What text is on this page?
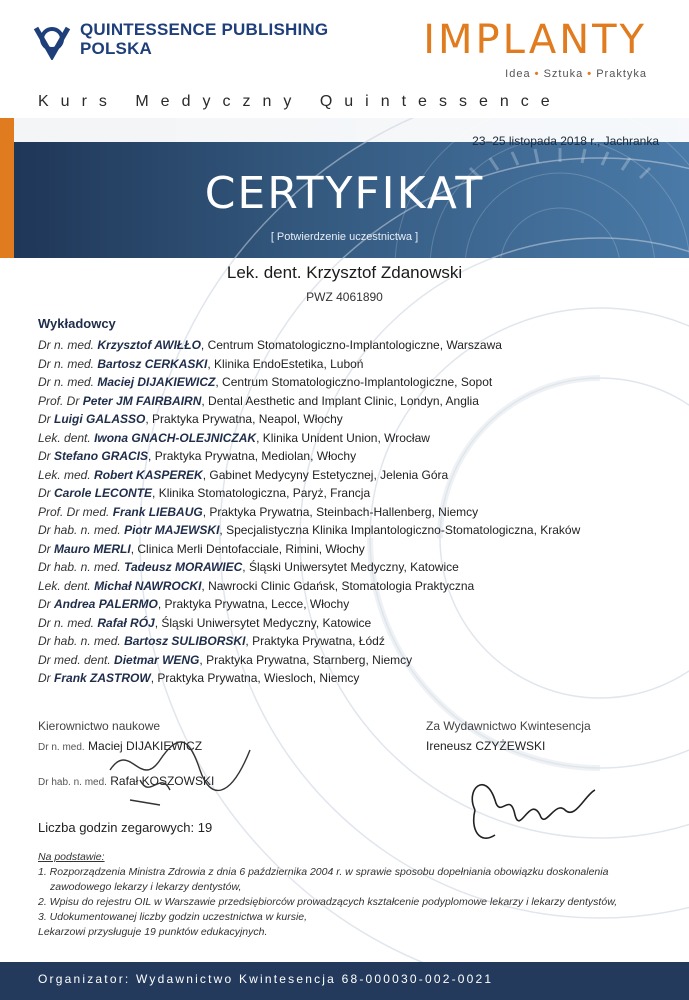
QUINTESSENCE PUBLISHING
POLSKA	IMPLANTY
Idea • Sztuka • Praktyka
Kurs Medyczny Quintessence
23–25 listopada 2018 r., Jachranka
CERTYFIKAT
[ Potwierdzenie uczestnictwa ]
Lek. dent. Krzysztof Zdanowski
PWZ 4061890
Wykładowcy
Dr n. med. Krzysztof AWIŁŁO, Centrum Stomatologiczno-Implantologiczne, Warszawa
Dr n. med. Bartosz CERKASKI, Klinika EndoEstetika, Luboń
Dr n. med. Maciej DIJAKIEWICZ, Centrum Stomatologiczno-Implantologiczne, Sopot
Prof. Dr Peter JM FAIRBAIRN, Dental Aesthetic and Implant Clinic, Londyn, Anglia
Dr Luigi GALASSO, Praktyka Prywatna, Neapol, Włochy
Lek. dent. Iwona GNACH-OLEJNICZAK, Klinika Unident Union, Wrocław
Dr Stefano GRACIS, Praktyka Prywatna, Mediolan, Włochy
Lek. med. Robert KASPEREK, Gabinet Medycyny Estetycznej, Jelenia Góra
Dr Carole LECONTE, Klinika Stomatologiczna, Paryż, Francja
Prof. Dr med. Frank LIEBAUG, Praktyka Prywatna, Steinbach-Hallenberg, Niemcy
Dr hab. n. med. Piotr MAJEWSKI, Specjalistyczna Klinika Implantologiczno-Stomatologiczna, Kraków
Dr Mauro MERLI, Clinica Merli Dentofacciale, Rimini, Włochy
Dr hab. n. med. Tadeusz MORAWIEC, Śląski Uniwersytet Medyczny, Katowice
Lek. dent. Michał NAWROCKI, Nawrocki Clinic Gdańsk, Stomatologia Praktyczna
Dr Andrea PALERMO, Praktyka Prywatna, Lecce, Włochy
Dr n. med. Rafał RÓJ, Śląski Uniwersytet Medyczny, Katowice
Dr hab. n. med. Bartosz SULIBORSKI, Praktyka Prywatna, Łódź
Dr med. dent. Dietmar WENG, Praktyka Prywatna, Starnberg, Niemcy
Dr Frank ZASTROW, Praktyka Prywatna, Wiesloch, Niemcy
Kierownictwo naukowe
Dr n. med. Maciej DIJAKIEWICZ
Dr hab. n. med. Rafał KOSZOWSKI
Za Wydawnictwo Kwintesencja
Ireneusz CZYŻEWSKI
Liczba godzin zegarowych: 19
Na podstawie:
1. Rozporządzenia Ministra Zdrowia z dnia 6 października 2004 r. w sprawie sposobu dopełniania obowiązku doskonalenia
zawodowego lekarzy i lekarzy dentystów,
2. Wpisu do rejestru OIL w Warszawie przedsiębiorców prowadzących kształcenie podyplomowe lekarzy i lekarzy dentystów,
3. Udokumentowanej liczby godzin uczestnictwa w kursie,
Lekarzowi przysługuje 19 punktów edukacyjnych.
Organizator: Wydawnictwo Kwintesencja 68-000030-002-0021
